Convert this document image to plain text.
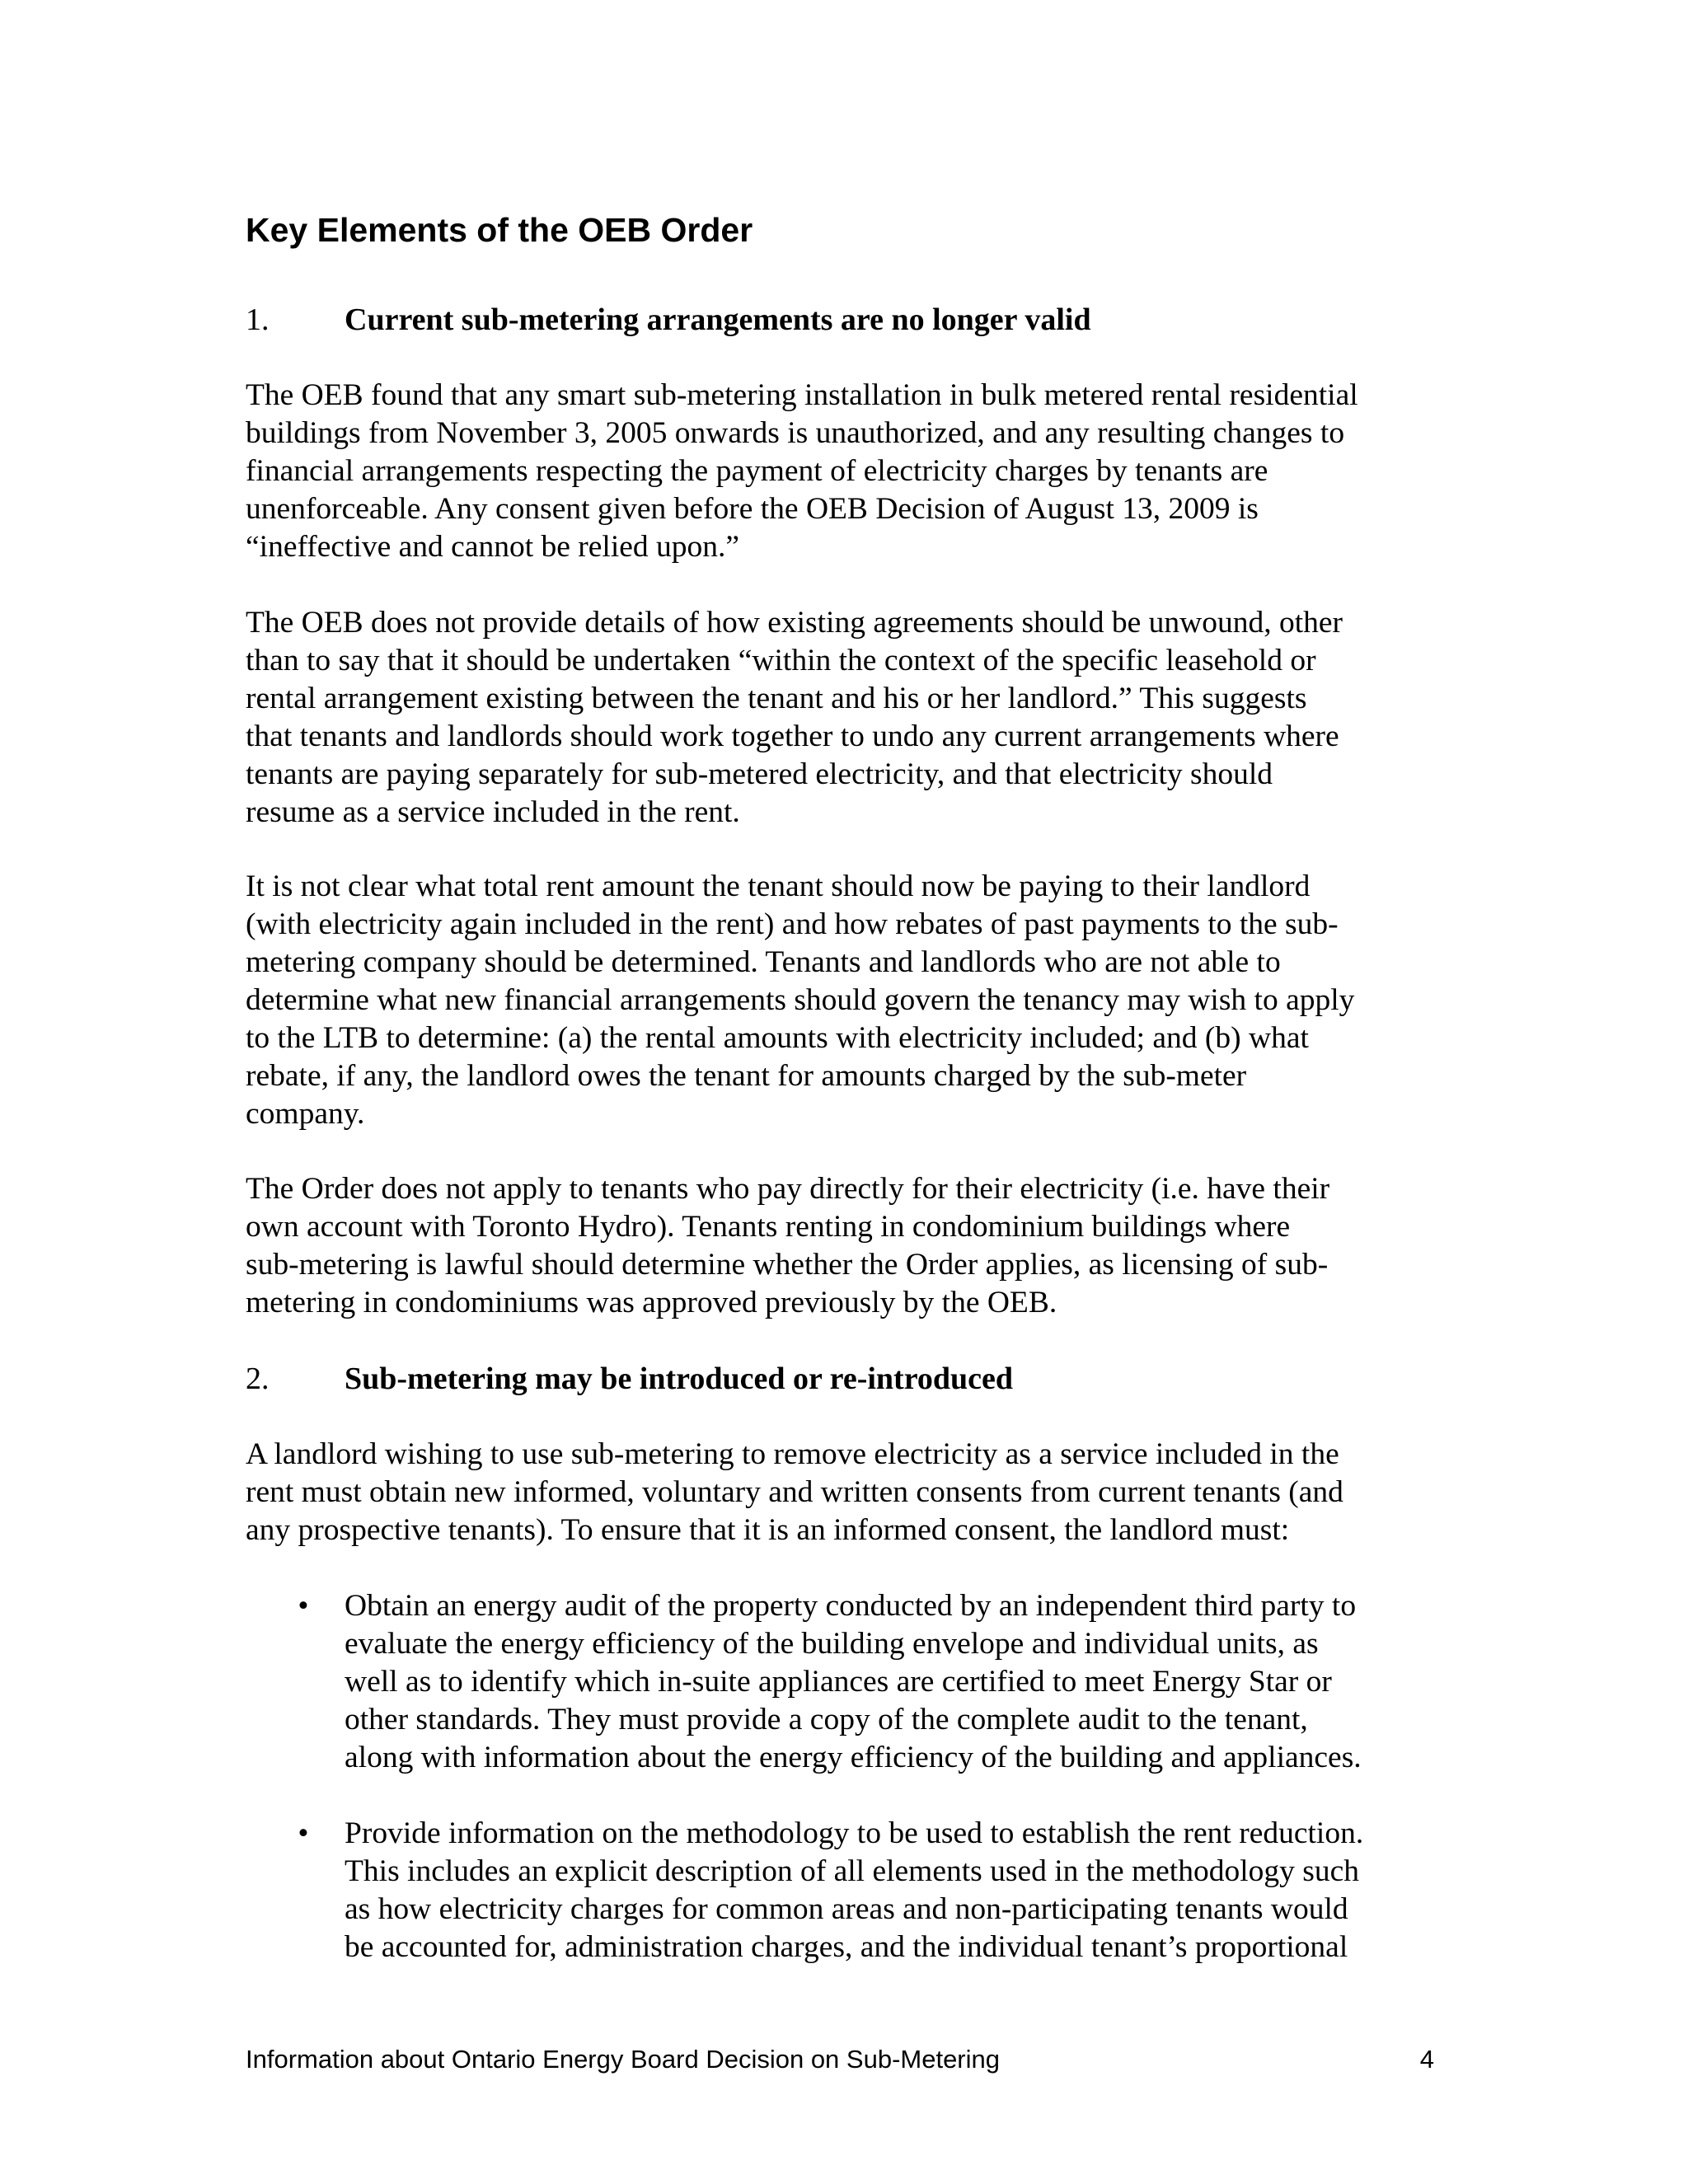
Key Elements of the OEB Order
1. Current sub-metering arrangements are no longer valid
The OEB found that any smart sub-metering installation in bulk metered rental residential
buildings from November 3, 2005 onwards is unauthorized, and any resulting changes to
financial arrangements respecting the payment of electricity charges by tenants are
unenforceable. Any consent given before the OEB Decision of August 13, 2009 is
“ineffective and cannot be relied upon.”
The OEB does not provide details of how existing agreements should be unwound, other
than to say that it should be undertaken “within the context of the specific leasehold or
rental arrangement existing between the tenant and his or her landlord.” This suggests
that tenants and landlords should work together to undo any current arrangements where
tenants are paying separately for sub-metered electricity, and that electricity should
resume as a service included in the rent.
It is not clear what total rent amount the tenant should now be paying to their landlord
(with electricity again included in the rent) and how rebates of past payments to the sub-
metering company should be determined. Tenants and landlords who are not able to
determine what new financial arrangements should govern the tenancy may wish to apply
to the LTB to determine: (a) the rental amounts with electricity included; and (b) what
rebate, if any, the landlord owes the tenant for amounts charged by the sub-meter
company.
The Order does not apply to tenants who pay directly for their electricity (i.e. have their
own account with Toronto Hydro). Tenants renting in condominium buildings where
sub-metering is lawful should determine whether the Order applies, as licensing of sub-
metering in condominiums was approved previously by the OEB.
2. Sub-metering may be introduced or re-introduced
A landlord wishing to use sub-metering to remove electricity as a service included in the
rent must obtain new informed, voluntary and written consents from current tenants (and
any prospective tenants). To ensure that it is an informed consent, the landlord must:
• Obtain an energy audit of the property conducted by an independent third party to
evaluate the energy efficiency of the building envelope and individual units, as
well as to identify which in-suite appliances are certified to meet Energy Star or
other standards. They must provide a copy of the complete audit to the tenant,
along with information about the energy efficiency of the building and appliances.
• Provide information on the methodology to be used to establish the rent reduction.
This includes an explicit description of all elements used in the methodology such
as how electricity charges for common areas and non-participating tenants would
be accounted for, administration charges, and the individual tenant’s proportional
Information about Ontario Energy Board Decision on Sub-Metering	4
